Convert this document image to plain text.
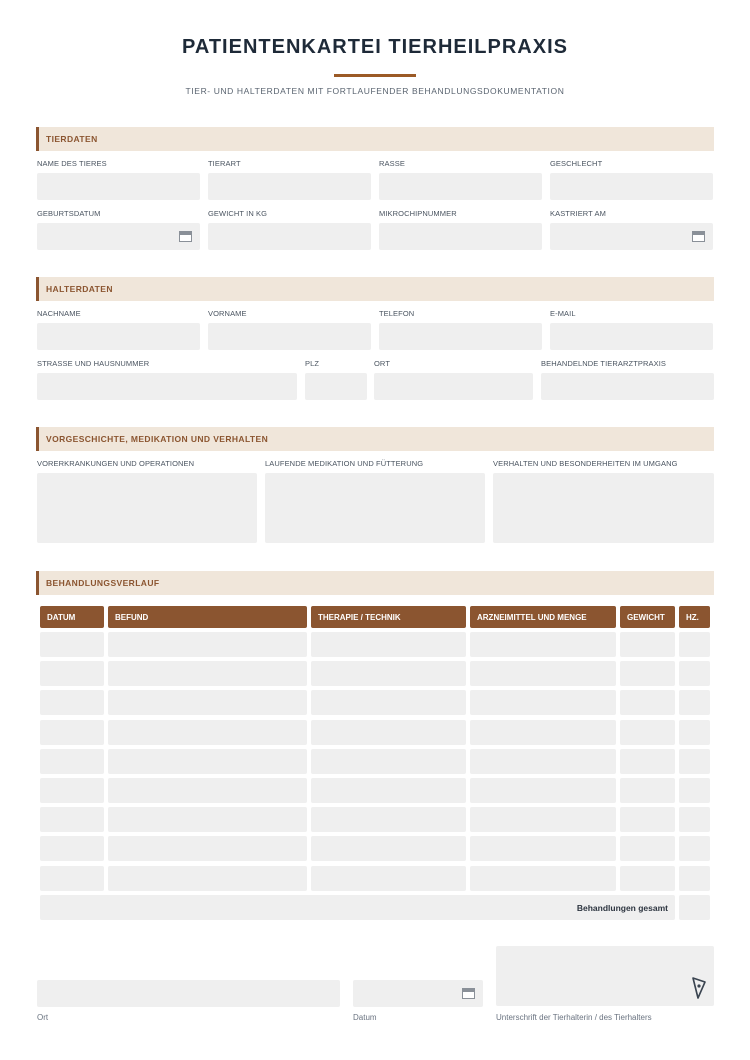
PATIENTENKARTEI TIERHEILPRAXIS
TIER- UND HALTERDATEN MIT FORTLAUFENDER BEHANDLUNGSDOKUMENTATION
TIERDATEN
NAME DES TIERES	TIERART	RASSE	GESCHLECHT
GEBURTSDATUM	GEWICHT IN KG	MIKROCHIPNUMMER	KASTRIERT AM
HALTERDATEN
NACHNAME	VORNAME	TELEFON	E-MAIL
STRASSE UND HAUSNUMMER	PLZ	ORT	BEHANDELNDE TIERARZTPRAXIS
VORGESCHICHTE, MEDIKATION UND VERHALTEN
VORERKRANKUNGEN UND OPERATIONEN	LAUFENDE MEDIKATION UND FÜTTERUNG	VERHALTEN UND BESONDERHEITEN IM UMGANG
BEHANDLUNGSVERLAUF
DATUM	BEFUND	THERAPIE / TECHNIK	ARZNEIMITTEL UND MENGE	GEWICHT	HZ.
Behandlungen gesamt
Ort	Datum	Unterschrift der Tierhalterin / des Tierhalters
